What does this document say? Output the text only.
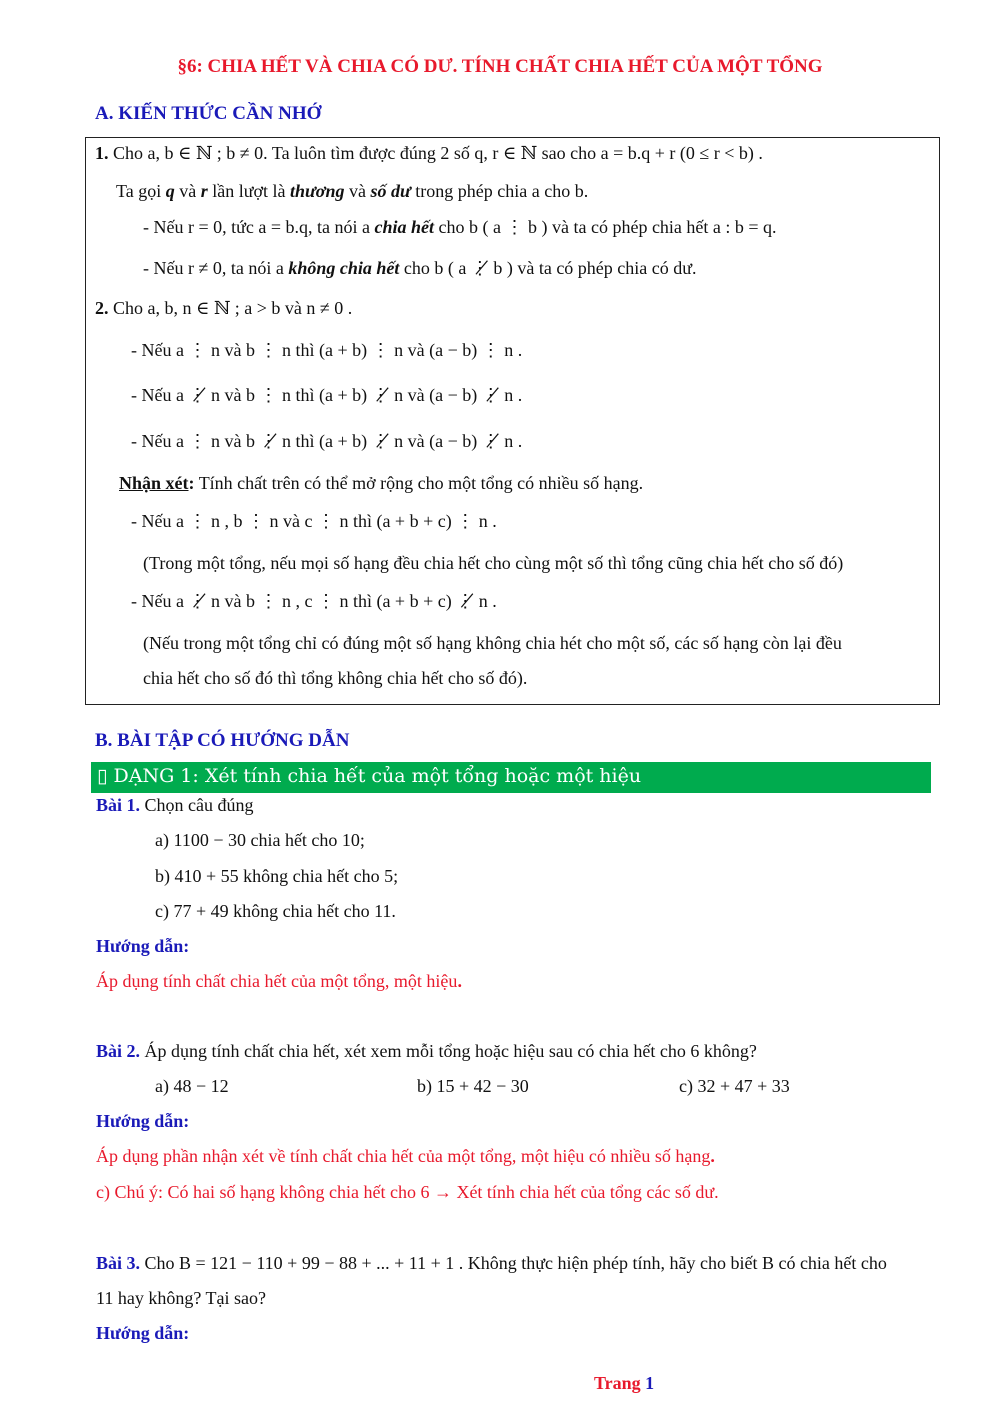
§6: CHIA HẾT VÀ CHIA CÓ DƯ. TÍNH CHẤT CHIA HẾT CỦA MỘT TỔNG
A. KIẾN THỨC CẦN NHỚ
1. Cho a, b ∈ ℕ ; b ≠ 0. Ta luôn tìm được đúng 2 số q, r ∈ ℕ sao cho a = b.q + r (0 ≤ r < b) .
Ta gọi q và r lần lượt là thương và số dư trong phép chia a cho b.
- Nếu r = 0, tức a = b.q, ta nói a chia hết cho b ( a ⋮ b ) và ta có phép chia hết a : b = q.
- Nếu r ≠ 0, ta nói a không chia hết cho b ( a ⋮̸ b ) và ta có phép chia có dư.
2. Cho a, b, n ∈ ℕ ; a > b và n ≠ 0 .
- Nếu a ⋮ n và b ⋮ n thì (a + b) ⋮ n và (a − b) ⋮ n .
- Nếu a ⋮̸ n và b ⋮ n thì (a + b) ⋮̸ n và (a − b) ⋮̸ n .
- Nếu a ⋮ n và b ⋮̸ n thì (a + b) ⋮̸ n và (a − b) ⋮̸ n .
Nhận xét: Tính chất trên có thể mở rộng cho một tổng có nhiều số hạng.
- Nếu a ⋮ n , b ⋮ n và c ⋮ n thì (a + b + c) ⋮ n .
(Trong một tổng, nếu mọi số hạng đều chia hết cho cùng một số thì tổng cũng chia hết cho số đó)
- Nếu a ⋮̸ n và b ⋮ n , c ⋮ n thì (a + b + c) ⋮̸ n .
(Nếu trong một tổng chỉ có đúng một số hạng không chia hét cho một số, các số hạng còn lại đều
chia hết cho số đó thì tổng không chia hết cho số đó).
B. BÀI TẬP CÓ HƯỚNG DẪN
▯ DẠNG 1: Xét tính chia hết của một tổng hoặc một hiệu
Bài 1. Chọn câu đúng
a) 1100 − 30 chia hết cho 10;
b) 410 + 55 không chia hết cho 5;
c) 77 + 49 không chia hết cho 11.
Hướng dẫn:
Áp dụng tính chất chia hết của một tổng, một hiệu.
Bài 2. Áp dụng tính chất chia hết, xét xem mỗi tổng hoặc hiệu sau có chia hết cho 6 không?
a) 48 − 12	b) 15 + 42 − 30	c) 32 + 47 + 33
Hướng dẫn:
Áp dụng phần nhận xét về tính chất chia hết của một tổng, một hiệu có nhiều số hạng.
c) Chú ý: Có hai số hạng không chia hết cho 6 → Xét tính chia hết của tổng các số dư.
Bài 3. Cho B = 121 − 110 + 99 − 88 + ... + 11 + 1 . Không thực hiện phép tính, hãy cho biết B có chia hết cho
11 hay không? Tại sao?
Hướng dẫn:
Trang 1
